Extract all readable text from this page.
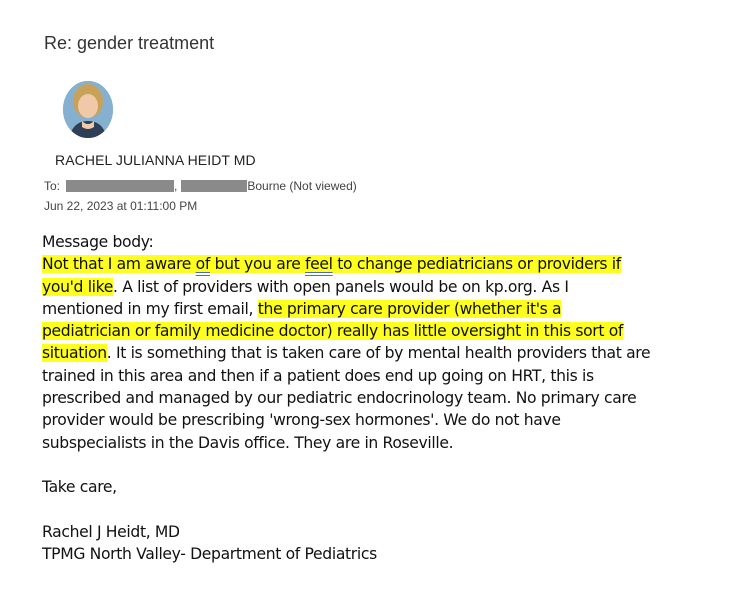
Re: gender treatment
RACHEL JULIANNA HEIDT MD
To:	,	Bourne (Not viewed)
Jun 22, 2023 at 01:11:00 PM

Message body:

Not that I am aware of but you are feel to change pediatricians or providers if you'd like. A list of providers with open panels would be on kp.org. As I mentioned in my first email, the primary care provider (whether it's a pediatrician or family medicine doctor) really has little oversight in this sort of situation. It is something that is taken care of by mental health providers that are trained in this area and then if a patient does end up going on HRT, this is prescribed and managed by our pediatric endocrinology team. No primary care provider would be prescribing 'wrong-sex hormones'. We do not have subspecialists in the Davis office. They are in Roseville.

Take care,

Rachel J Heidt, MD

TPMG North Valley- Department of Pediatrics
